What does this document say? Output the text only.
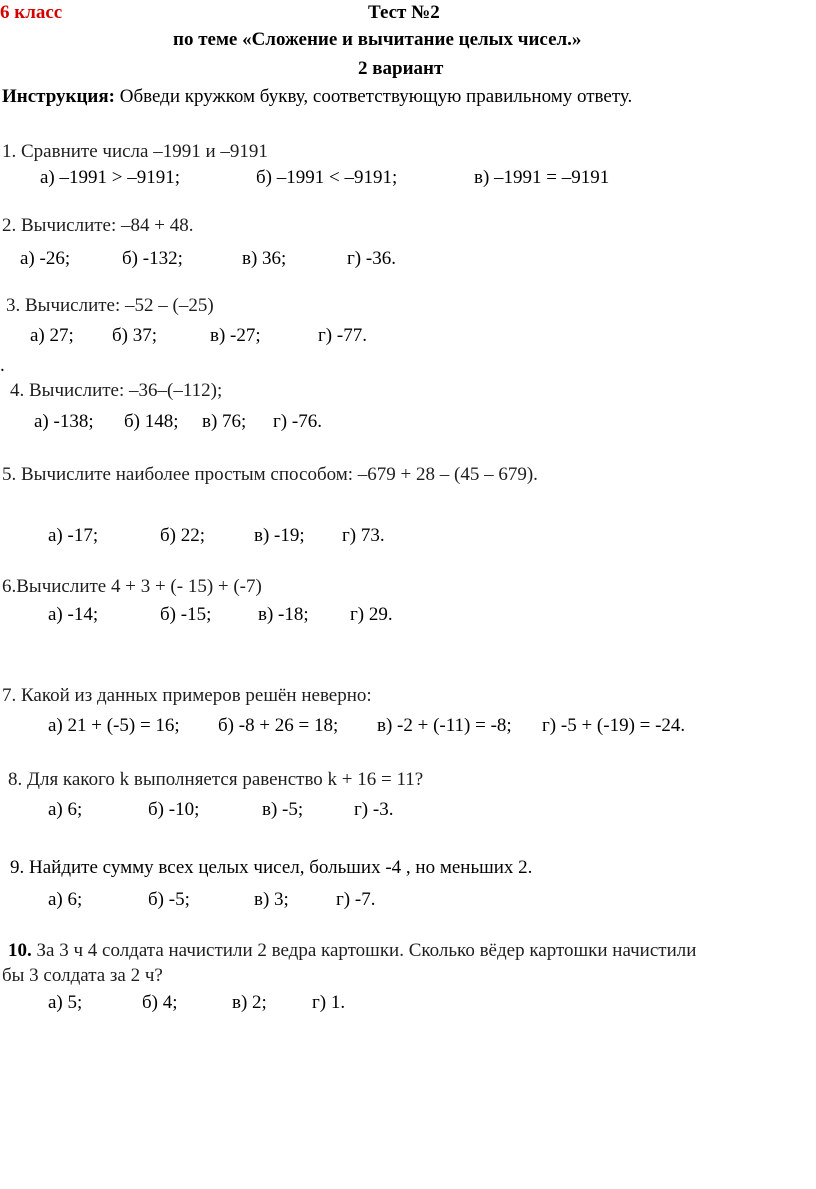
6 класс	Тест №2
по теме «Сложение и вычитание целых чисел.»
2 вариант
Инструкция: Обведи кружком букву, соответствующую правильному ответу.
1. Сравните числа –1991 и –9191
а) –1991 > –9191;	б) –1991 < –9191;	в) –1991 = –9191
2. Вычислите: –84 + 48.
а) -26;	б) -132;	в) 36;	г) -36.
3. Вычислите: –52 – (–25)
а) 27; б) 37;	в) -27;	г) -77.
.
4. Вычислите: –36–(–112);
а) -138; б) 148; в) 76; г) -76.
5. Вычислите наиболее простым способом: –679 + 28 – (45 – 679).
а) -17;	б) 22;	в) -19; г) 73.
6.Вычислите 4 + 3 + (- 15) + (-7)
а) -14;	б) -15; в) -18; г) 29.
7. Какой из данных примеров решён неверно:
а) 21 + (-5) = 16; б) -8 + 26 = 18; в) -2 + (-11) = -8; г) -5 + (-19) = -24.
8. Для какого k выполняется равенство k + 16 = 11?
а) 6;	б) -10;	в) -5;	г) -3.
9. Найдите сумму всех целых чисел, больших -4 , но меньших 2.
а) 6;	б) -5;	в) 3; г) -7.
10. За 3 ч 4 солдата начистили 2 ведра картошки. Сколько вёдер картошки начистили
бы 3 солдата за 2 ч?
а) 5;	б) 4;	в) 2; г) 1.
